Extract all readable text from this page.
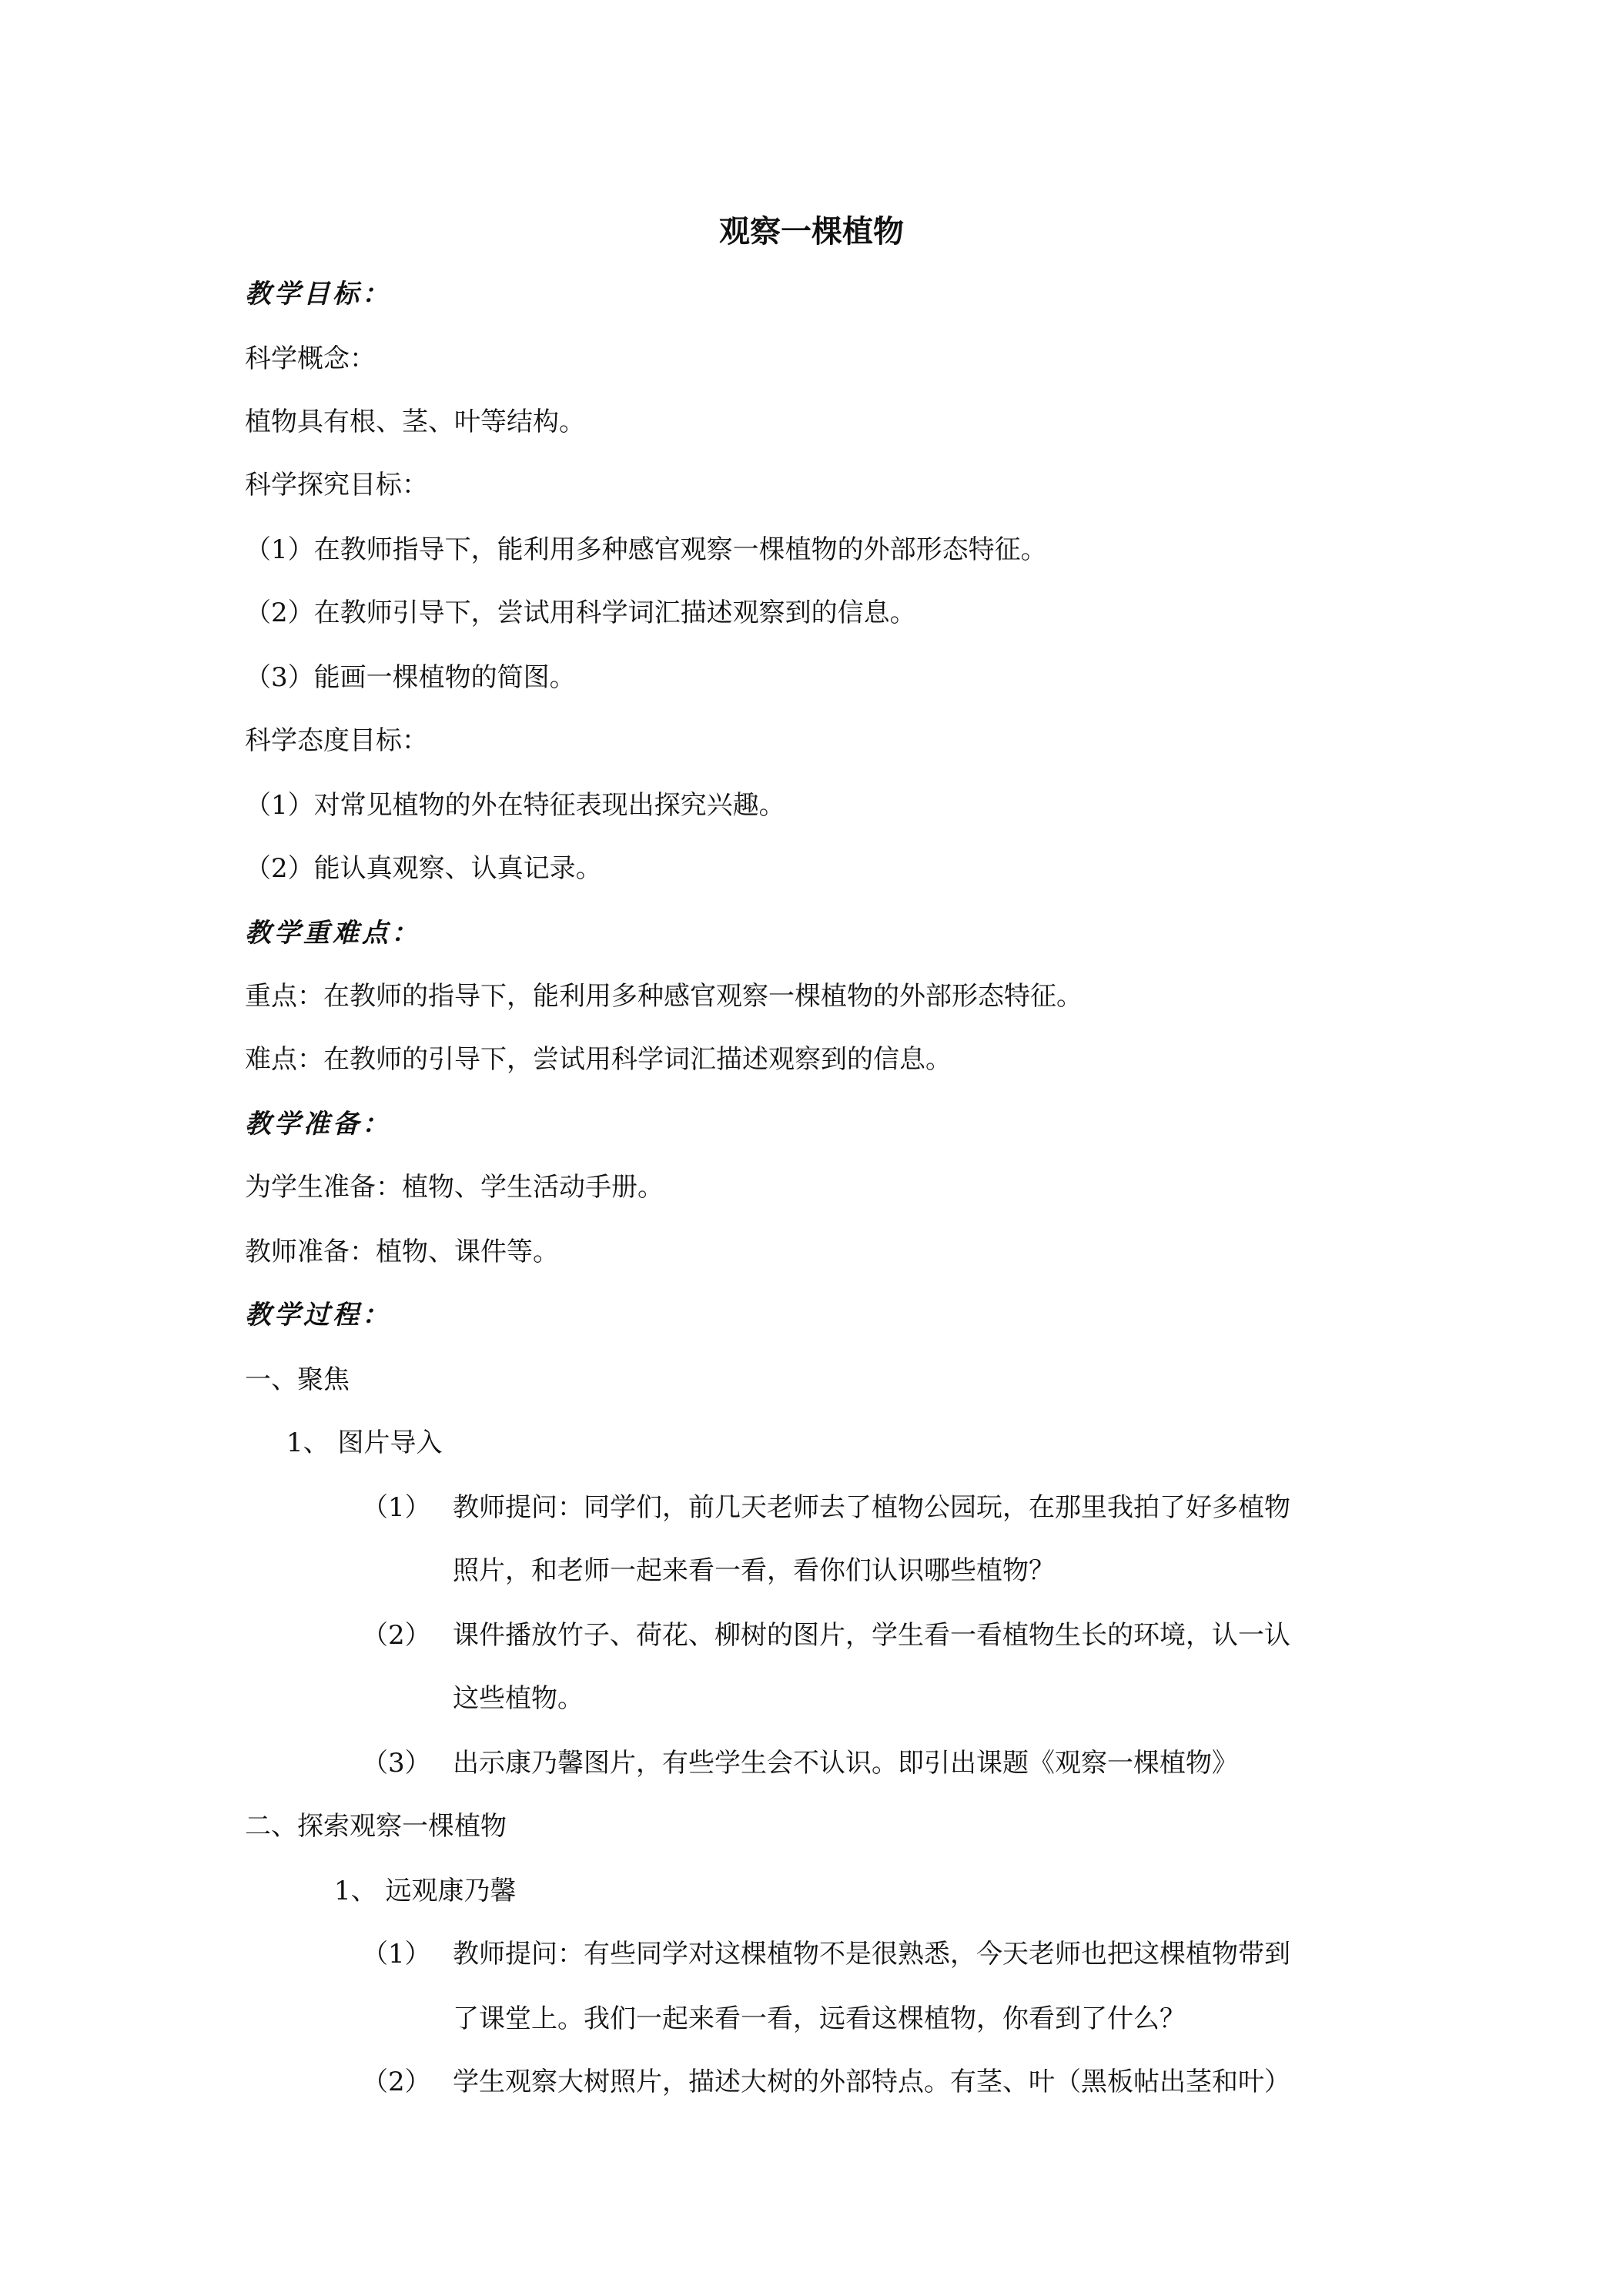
观察一棵植物
教学目标：
科学概念：
植物具有根、茎、叶等结构。
科学探究目标：
（1）在教师指导下，能利用多种感官观察一棵植物的外部形态特征。
（2）在教师引导下，尝试用科学词汇描述观察到的信息。
（3）能画一棵植物的简图。
科学态度目标：
（1）对常见植物的外在特征表现出探究兴趣。
（2）能认真观察、认真记录。
教学重难点：
重点：在教师的指导下，能利用多种感官观察一棵植物的外部形态特征。
难点：在教师的引导下，尝试用科学词汇描述观察到的信息。
教学准备：
为学生准备：植物、学生活动手册。
教师准备：植物、课件等。
教学过程：
一、聚焦
1、 图片导入
（1） 教师提问：同学们，前几天老师去了植物公园玩，在那里我拍了好多植物
照片，和老师一起来看一看，看你们认识哪些植物？
（2） 课件播放竹子、荷花、柳树的图片，学生看一看植物生长的环境，认一认
这些植物。
（3） 出示康乃馨图片，有些学生会不认识。即引出课题《观察一棵植物》
二、探索观察一棵植物
1、 远观康乃馨
（1） 教师提问：有些同学对这棵植物不是很熟悉，今天老师也把这棵植物带到
了课堂上。我们一起来看一看，远看这棵植物，你看到了什么？
（2） 学生观察大树照片，描述大树的外部特点。有茎、叶（黑板帖出茎和叶）
